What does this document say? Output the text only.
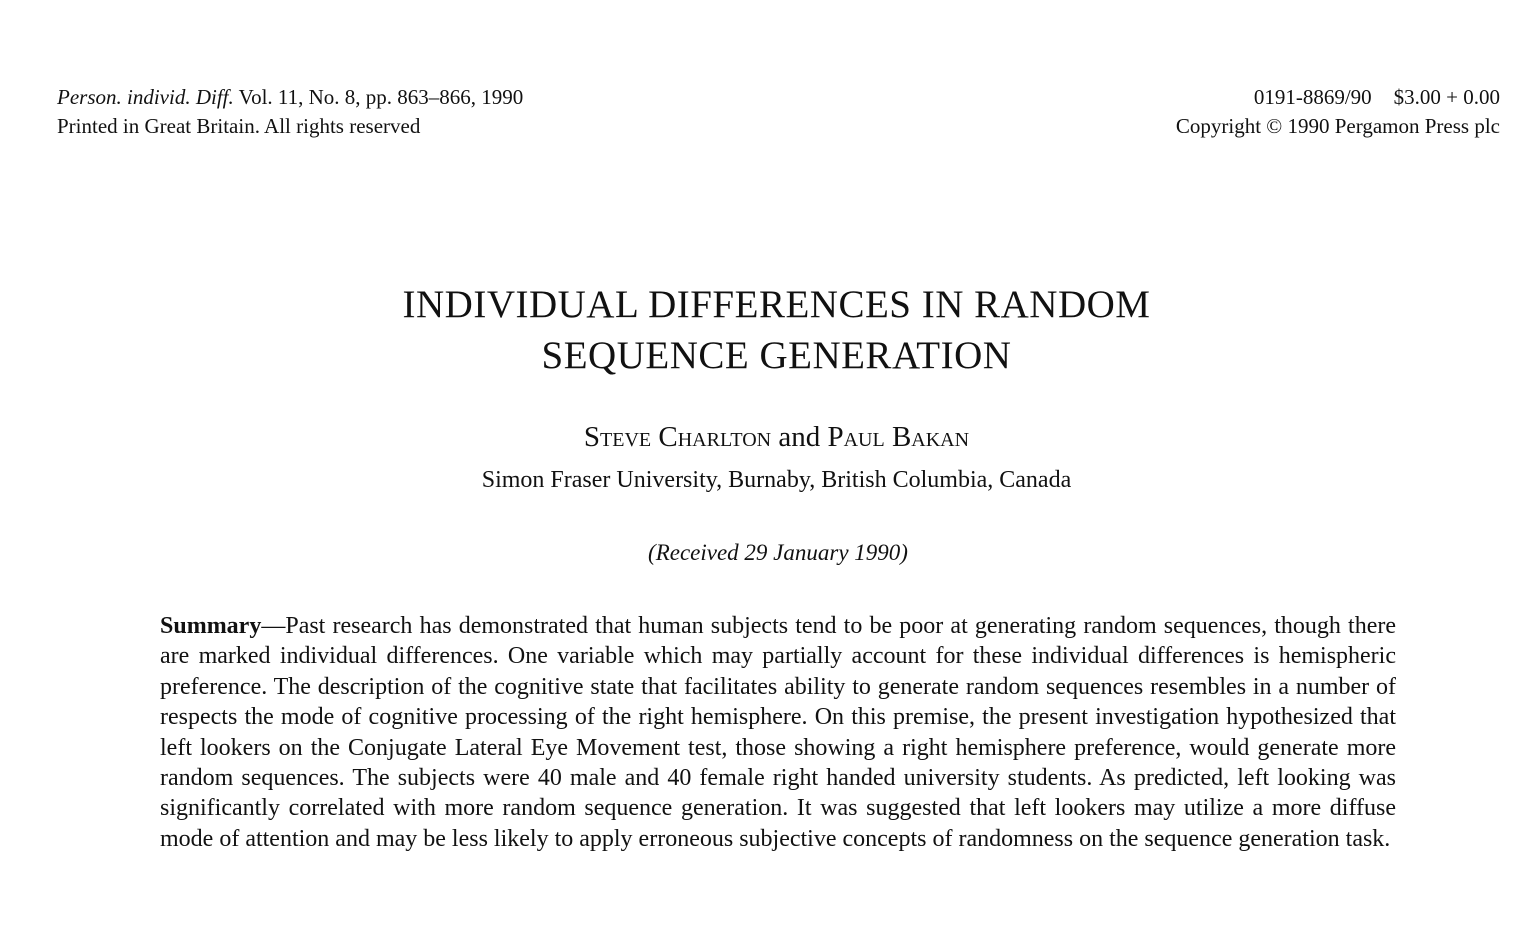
Person. individ. Diff. Vol. 11, No. 8, pp. 863–866, 1990
Printed in Great Britain. All rights reserved
0191-8869/90 $3.00 + 0.00
Copyright © 1990 Pergamon Press plc
INDIVIDUAL DIFFERENCES IN RANDOM
SEQUENCE GENERATION
Steve Charlton and Paul Bakan
Simon Fraser University, Burnaby, British Columbia, Canada
(Received 29 January 1990)
Summary—Past research has demonstrated that human subjects tend to be poor at generating random sequences, though there are marked individual differences. One variable which may partially account for these individual differences is hemispheric preference. The description of the cognitive state that facilitates ability to generate random sequences resembles in a number of respects the mode of cognitive processing of the right hemisphere. On this premise, the present investigation hypothesized that left lookers on the Conjugate Lateral Eye Movement test, those showing a right hemisphere preference, would generate more random sequences. The subjects were 40 male and 40 female right handed university students. As predicted, left looking was significantly correlated with more random sequence generation. It was suggested that left lookers may utilize a more diffuse mode of attention and may be less likely to apply erroneous subjective concepts of randomness on the sequence generation task.
